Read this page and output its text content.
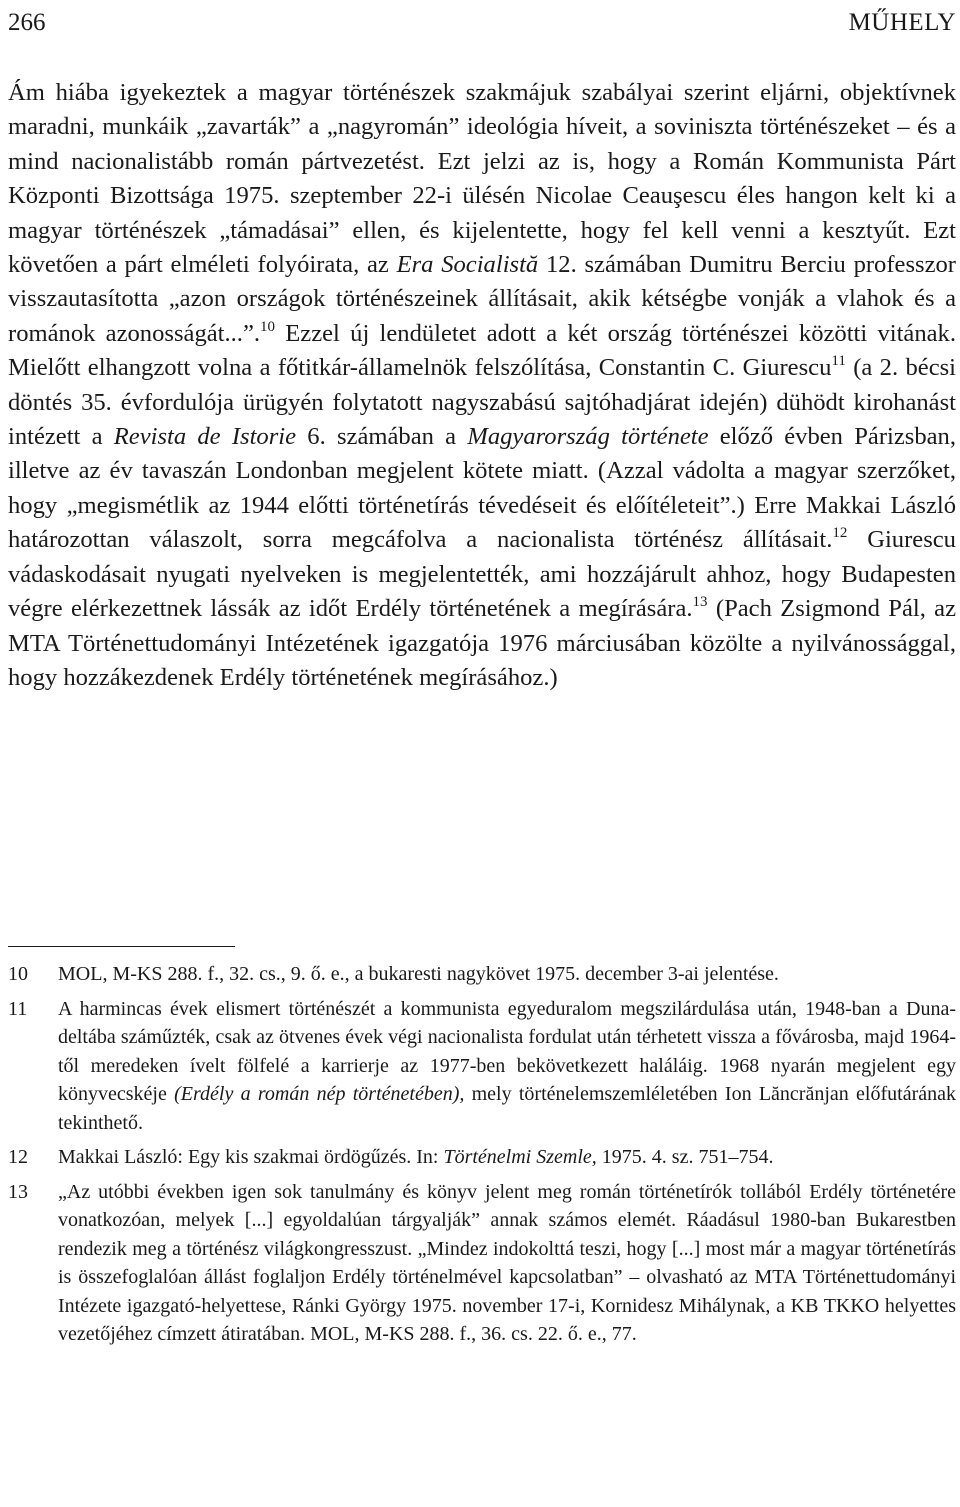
266	MŰHELY

Ám hiába igyekeztek a magyar történészek szakmájuk szabályai szerint eljárni, objektívnek maradni, munkáik „zavarták” a „nagyromán” ideológia híveit, a soviniszta történészeket – és a mind nacionalistább román pártvezetést. Ezt jelzi az is, hogy a Román Kommunista Párt Központi Bizottsága 1975. szeptember 22-i ülésén Nicolae Ceauşescu éles hangon kelt ki a magyar történészek „támadásai” ellen, és kijelentette, hogy fel kell venni a kesztyűt. Ezt követően a párt elméleti folyóirata, az Era Socialistă 12. számában Dumitru Berciu professzor visszautasította „azon országok történészeinek állításait, akik kétségbe vonják a vlahok és a románok azonosságát...”.$^{10}$ Ezzel új lendületet adott a két ország történészei közötti vitának. Mielőtt elhangzott volna a főtitkár-államelnök felszólítása, Constantin C. Giurescu$^{11}$ (a 2. bécsi döntés 35. évfordulója ürügyén folytatott nagyszabású sajtóhadjárat idején) dühödt kirohanást intézett a Revista de Istorie 6. számában a Magyarország története előző évben Párizsban, illetve az év tavaszán Londonban megjelent kötete miatt. (Azzal vádolta a magyar szerzőket, hogy „megismétlik az 1944 előtti történetírás tévedéseit és előítéleteit”.) Erre Makkai László határozottan válaszolt, sorra megcáfolva a nacionalista történész állításait.$^{12}$ Giurescu vádaskodásait nyugati nyelveken is megjelentették, ami hozzájárult ahhoz, hogy Budapesten végre elérkezettnek lássák az időt Erdély történetének a megírására.$^{13}$ (Pach Zsigmond Pál, az MTA Történettudományi Intézetének igazgatója 1976 márciusában közölte a nyilvánossággal, hogy hozzákezdenek Erdély történetének megírásához.)

10 MOL, M-KS 288. f., 32. cs., 9. ő. e., a bukaresti nagykövet 1975. december 3-ai jelentése.
11 A harmincas évek elismert történészét a kommunista egyeduralom megszilárdulása után, 1948-ban a Duna-deltába száműzték, csak az ötvenes évek végi nacionalista fordulat után térhetett vissza a fővárosba, majd 1964-től meredeken ívelt fölfelé a karrierje az 1977-ben bekövetkezett haláláig. 1968 nyarán megjelent egy könyvecskéje (Erdély a román nép történetében), mely történelemszemléletében Ion Lăncrănjan előfutárának tekinthető.
12 Makkai László: Egy kis szakmai ördögűzés. In: Történelmi Szemle, 1975. 4. sz. 751–754.
13 „Az utóbbi években igen sok tanulmány és könyv jelent meg román történetírók tollából Erdély történetére vonatkozóan, melyek [...] egyoldalúan tárgyalják” annak számos elemét. Ráadásul 1980-ban Bukarestben rendezik meg a történész világkongresszust. „Mindez indokolttá teszi, hogy [...] most már a magyar történetírás is összefoglalóan állást foglaljon Erdély történelmével kapcsolatban” – olvasható az MTA Történettudományi Intézete igazgató-helyettese, Ránki György 1975. november 17-i, Kornidesz Mihálynak, a KB TKKO helyettes vezetőjéhez címzett átiratában. MOL, M-KS 288. f., 36. cs. 22. ő. e., 77.
